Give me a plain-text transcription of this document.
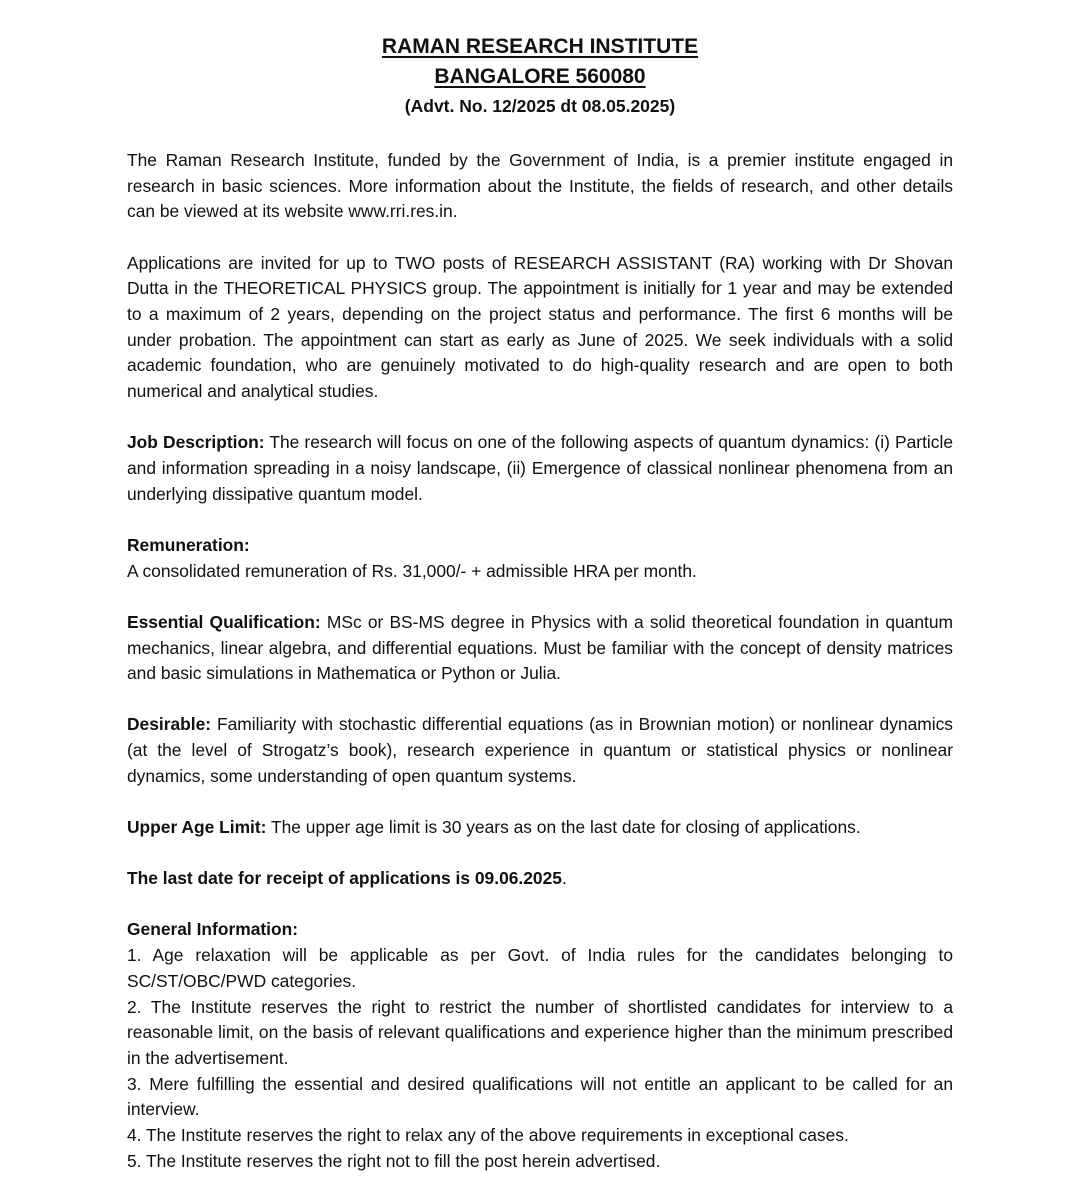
RAMAN RESEARCH INSTITUTE
BANGALORE 560080
(Advt. No. 12/2025 dt 08.05.2025)

The Raman Research Institute, funded by the Government of India, is a premier institute engaged in research in basic sciences. More information about the Institute, the fields of research, and other details can be viewed at its website www.rri.res.in.

Applications are invited for up to TWO posts of RESEARCH ASSISTANT (RA) working with Dr Shovan Dutta in the THEORETICAL PHYSICS group. The appointment is initially for 1 year and may be extended to a maximum of 2 years, depending on the project status and performance. The first 6 months will be under probation. The appointment can start as early as June of 2025. We seek individuals with a solid academic foundation, who are genuinely motivated to do high-quality research and are open to both numerical and analytical studies.

Job Description: The research will focus on one of the following aspects of quantum dynamics: (i) Particle and information spreading in a noisy landscape, (ii) Emergence of classical nonlinear phenomena from an underlying dissipative quantum model.

Remuneration:

A consolidated remuneration of Rs. 31,000/- + admissible HRA per month.

Essential Qualification: MSc or BS-MS degree in Physics with a solid theoretical foundation in quantum mechanics, linear algebra, and differential equations. Must be familiar with the concept of density matrices and basic simulations in Mathematica or Python or Julia.

Desirable: Familiarity with stochastic differential equations (as in Brownian motion) or nonlinear dynamics (at the level of Strogatz’s book), research experience in quantum or statistical physics or nonlinear dynamics, some understanding of open quantum systems.

Upper Age Limit: The upper age limit is 30 years as on the last date for closing of applications.

The last date for receipt of applications is 09.06.2025.

General Information:

1. Age relaxation will be applicable as per Govt. of India rules for the candidates belonging to SC/ST/OBC/PWD categories.

2. The Institute reserves the right to restrict the number of shortlisted candidates for interview to a reasonable limit, on the basis of relevant qualifications and experience higher than the minimum prescribed in the advertisement.

3. Mere fulfilling the essential and desired qualifications will not entitle an applicant to be called for an interview.

4. The Institute reserves the right to relax any of the above requirements in exceptional cases.

5. The Institute reserves the right not to fill the post herein advertised.
